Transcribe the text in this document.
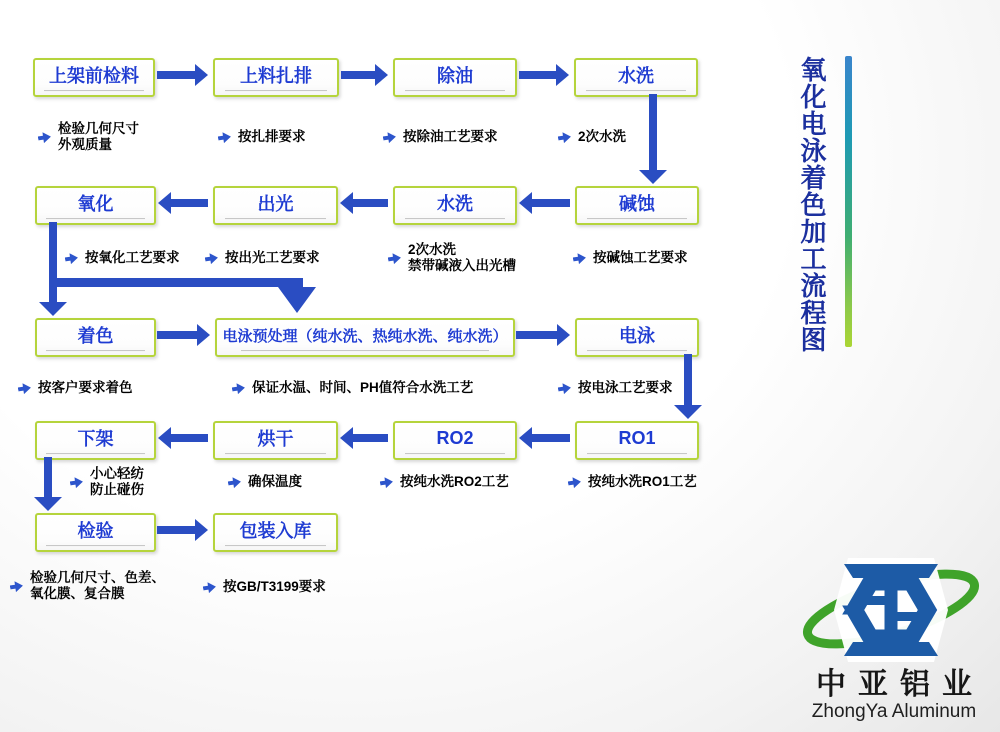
上架前检料	上料扎排	除油	水洗
氧化	出光	水洗	碱蚀
着色	电泳预处理（纯水洗、热纯水洗、纯水洗）	电泳
下架	烘干	RO2	RO1
检验	包装入库
检验几何尺寸
外观质量
按扎排要求	按除油工艺要求	2次水洗
按氧化工艺要求	按出光工艺要求
2次水洗
禁带碱液入出光槽
按碱蚀工艺要求
按客户要求着色	保证水温、时间、PH值符合水洗工艺	按电泳工艺要求
小心轻纺
防止碰伤
确保温度	按纯水洗RO2工艺	按纯水洗RO1工艺
检验几何尺寸、色差、
氧化膜、复合膜	按GB/T3199要求
氧化电泳着色加工流程图
中亚铝业
ZhongYa Aluminum
